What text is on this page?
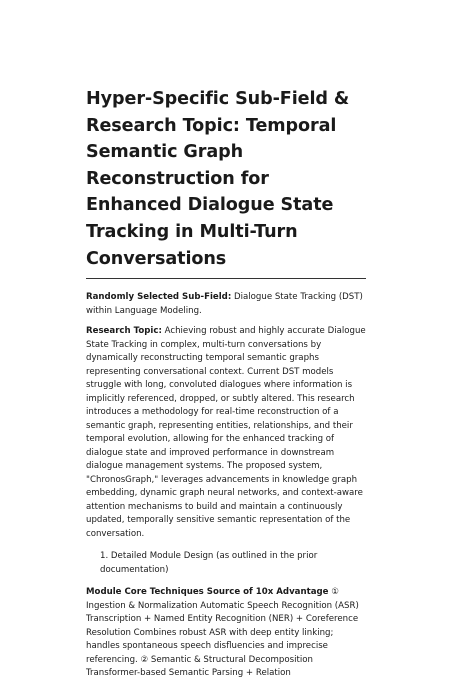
Hyper-Specific Sub-Field & Research Topic: Temporal Semantic Graph Reconstruction for Enhanced Dialogue State Tracking in Multi-Turn Conversations

Randomly Selected Sub-Field: Dialogue State Tracking (DST) within Language Modeling.

Research Topic: Achieving robust and highly accurate Dialogue State Tracking in complex, multi-turn conversations by dynamically reconstructing temporal semantic graphs representing conversational context. Current DST models struggle with long, convoluted dialogues where information is implicitly referenced, dropped, or subtly altered. This research introduces a methodology for real-time reconstruction of a semantic graph, representing entities, relationships, and their temporal evolution, allowing for the enhanced tracking of dialogue state and improved performance in downstream dialogue management systems. The proposed system, "ChronosGraph," leverages advancements in knowledge graph embedding, dynamic graph neural networks, and context-aware attention mechanisms to build and maintain a continuously updated, temporally sensitive semantic representation of the conversation.

1. Detailed Module Design (as outlined in the prior documentation)

Module Core Techniques Source of 10x Advantage ① Ingestion & Normalization Automatic Speech Recognition (ASR) Transcription + Named Entity Recognition (NER) + Coreference Resolution Combines robust ASR with deep entity linking; handles spontaneous speech disfluencies and imprecise referencing. ② Semantic & Structural Decomposition Transformer-based Semantic Parsing + Relation
